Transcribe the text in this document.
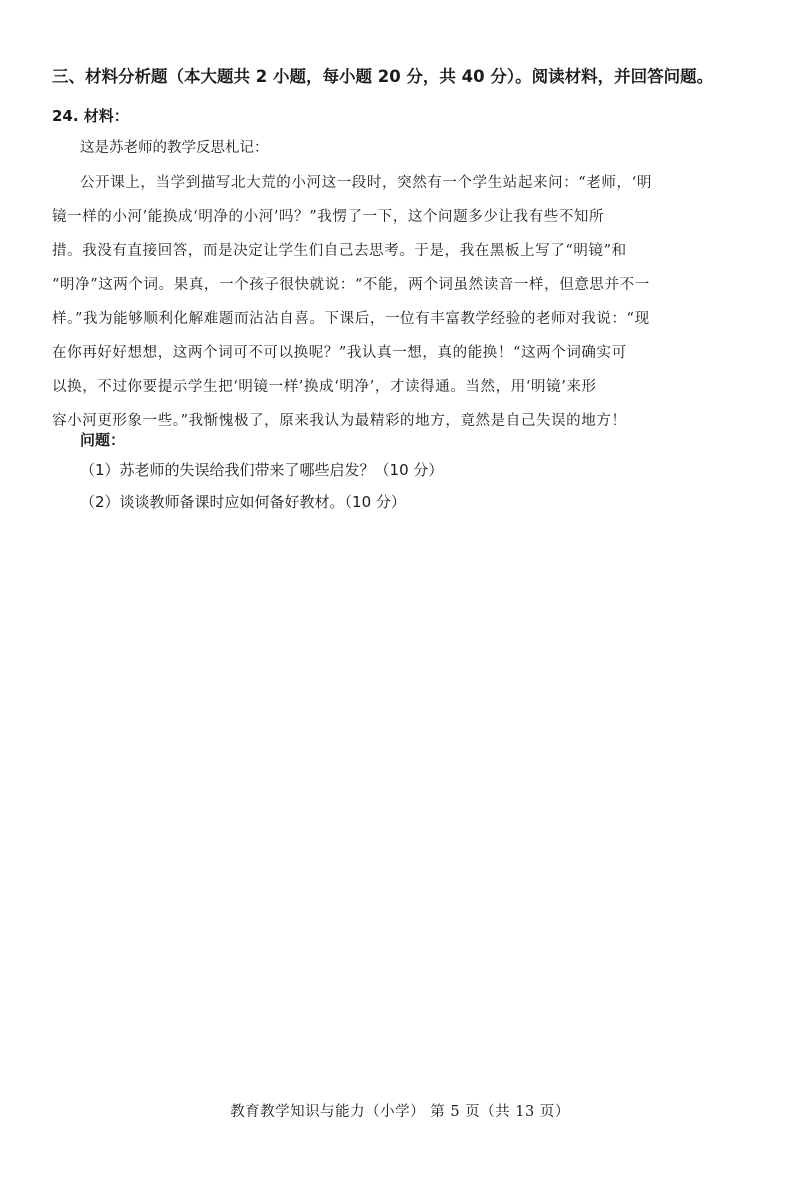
三、材料分析题（本大题共 2 小题，每小题 20 分，共 40 分）。阅读材料，并回答问题。
24. 材料：
这是苏老师的教学反思札记：
公开课上，当学到描写北大荒的小河这一段时，突然有一个学生站起来问：“老师，‘明
镜一样的小河’能换成‘明净的小河’吗？”我愣了一下，这个问题多少让我有些不知所
措。我没有直接回答，而是决定让学生们自己去思考。于是，我在黑板上写了“明镜”和
“明净”这两个词。果真，一个孩子很快就说：“不能，两个词虽然读音一样，但意思并不一
样。”我为能够顺利化解难题而沾沾自喜。下课后，一位有丰富教学经验的老师对我说：“现
在你再好好想想，这两个词可不可以换呢？”我认真一想，真的能换！“这两个词确实可
以换，不过你要提示学生把‘明镜一样’换成‘明净’，才读得通。当然，用‘明镜’来形
容小河更形象一些。”我惭愧极了，原来我认为最精彩的地方，竟然是自己失误的地方！
问题：
（1）苏老师的失误给我们带来了哪些启发？（10 分）
（2）谈谈教师备课时应如何备好教材。（10 分）
教育教学知识与能力（小学） 第 5 页（共 13 页）
